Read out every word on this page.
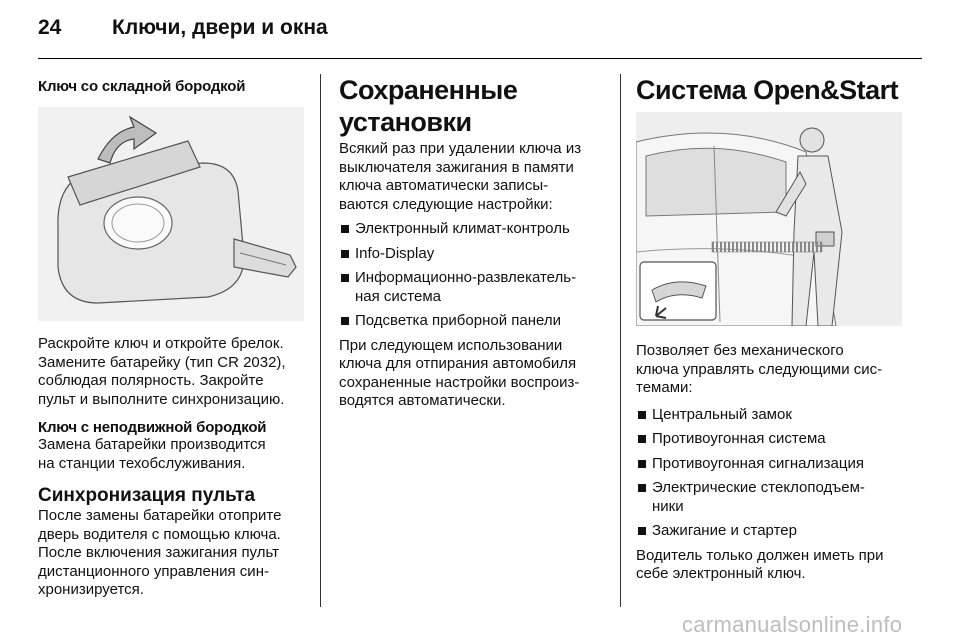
24	Ключи, двери и окна
Ключ со складной бородкой

Раскройте ключ и откройте брелок.
Замените батарейку (тип CR 2032),
соблюдая полярность. Закройте
пульт и выполните синхронизацию.

Ключ с неподвижной бородкой

Замена батарейки производится
на станции техобслуживания.

Синхронизация пульта

После замены батарейки отоприте
дверь водителя с помощью ключа.
После включения зажигания пульт
дистанционного управления син-
хронизируется.

Сохраненные установки

Всякий раз при удалении ключа из
выключателя зажигания в памяти
ключа автоматически записы-
ваются следующие настройки:

Электронный климат-контроль
Info-Display
Информационно-развлекатель-
ная система
Подсветка приборной панели

При следующем использовании
ключа для отпирания автомобиля
сохраненные настройки воспроиз-
водятся автоматически.

Система Open&Start

Позволяет без механического
ключа управлять следующими сис-
темами:

Центральный замок
Противоугонная система
Противоугонная сигнализация
Электрические стеклоподъем-
ники
Зажигание и стартер

Водитель только должен иметь при
себе электронный ключ.

carmanualsonline.info
